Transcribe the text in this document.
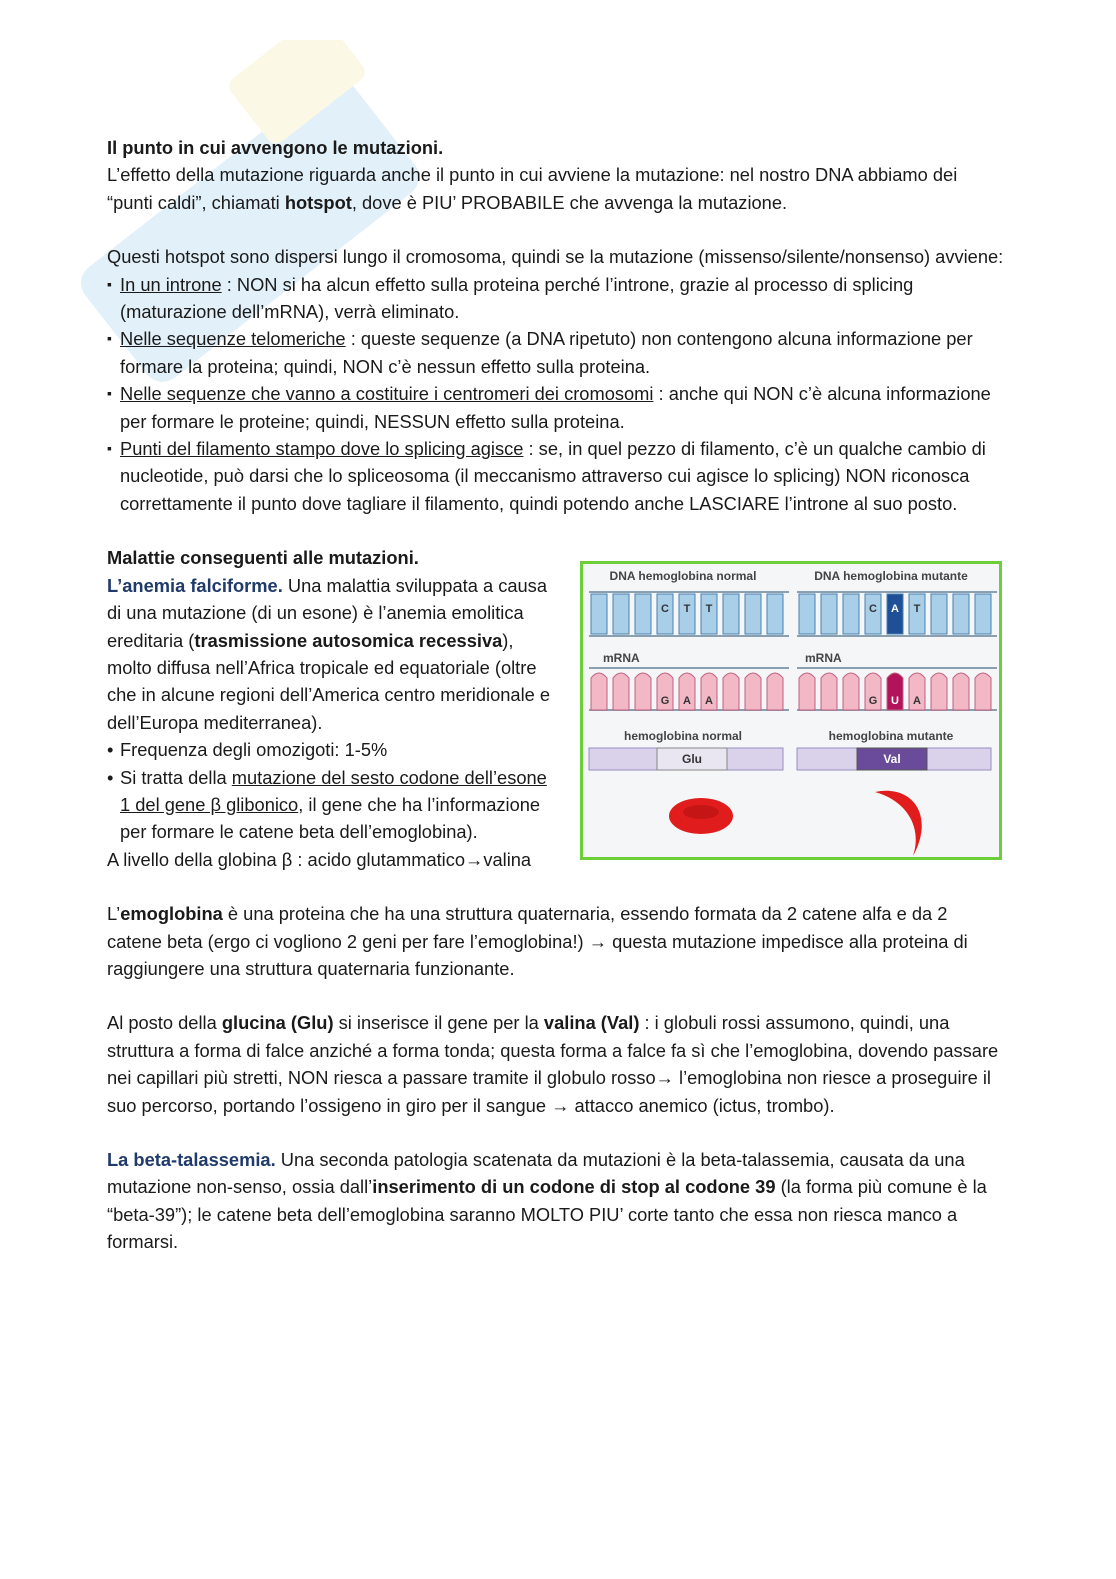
Il punto in cui avvengono le mutazioni.

L’effetto della mutazione riguarda anche il punto in cui avviene la mutazione: nel nostro DNA abbiamo dei “punti caldi”, chiamati hotspot, dove è PIU’ PROBABILE che avvenga la mutazione.

Questi hotspot sono dispersi lungo il cromosoma, quindi se la mutazione (missenso/silente/nonsenso) avviene:

▪ In un introne : NON si ha alcun effetto sulla proteina perché l’introne, grazie al processo di splicing (maturazione dell’mRNA), verrà eliminato.
▪ Nelle sequenze telomeriche : queste sequenze (a DNA ripetuto) non contengono alcuna informazione per formare la proteina; quindi, NON c’è nessun effetto sulla proteina.
▪ Nelle sequenze che vanno a costituire i centromeri dei cromosomi : anche qui NON c’è alcuna informazione per formare le proteine; quindi, NESSUN effetto sulla proteina.
▪ Punti del filamento stampo dove lo splicing agisce : se, in quel pezzo di filamento, c’è un qualche cambio di nucleotide, può darsi che lo spliceosoma (il meccanismo attraverso cui agisce lo splicing) NON riconosca correttamente il punto dove tagliare il filamento, quindi potendo anche LASCIARE l’introne al suo posto.

Malattie conseguenti alle mutazioni.

L’anemia falciforme. Una malattia sviluppata a causa di una mutazione (di un esone) è l’anemia emolitica ereditaria (trasmissione autosomica recessiva), molto diffusa nell’Africa tropicale ed equatoriale (oltre che in alcune regioni dell’America centro meridionale e dell’Europa mediterranea).

• Frequenza degli omozigoti: 1-5%
• Si tratta della mutazione del sesto codone dell’esone 1 del gene β glibonico, il gene che ha l’informazione per formare le catene beta dell’emoglobina).

A livello della globina β : acido glutammatico→valina

DNA hemoglobina normal	DNA hemoglobina mutante
C T T	C A T
mRNA	mRNA
G A A	G U A
hemoglobina normal	hemoglobina mutante
Glu	Val

L’emoglobina è una proteina che ha una struttura quaternaria, essendo formata da 2 catene alfa e da 2 catene beta (ergo ci vogliono 2 geni per fare l’emoglobina!) → questa mutazione impedisce alla proteina di raggiungere una struttura quaternaria funzionante.

Al posto della glucina (Glu) si inserisce il gene per la valina (Val) : i globuli rossi assumono, quindi, una struttura a forma di falce anziché a forma tonda; questa forma a falce fa sì che l’emoglobina, dovendo passare nei capillari più stretti, NON riesca a passare tramite il globulo rosso→ l’emoglobina non riesce a proseguire il suo percorso, portando l’ossigeno in giro per il sangue → attacco anemico (ictus, trombo).

La beta-talassemia. Una seconda patologia scatenata da mutazioni è la beta-talassemia, causata da una mutazione non-senso, ossia dall’inserimento di un codone di stop al codone 39 (la forma più comune è la “beta-39”); le catene beta dell’emoglobina saranno MOLTO PIU’ corte tanto che essa non riesca manco a formarsi.
